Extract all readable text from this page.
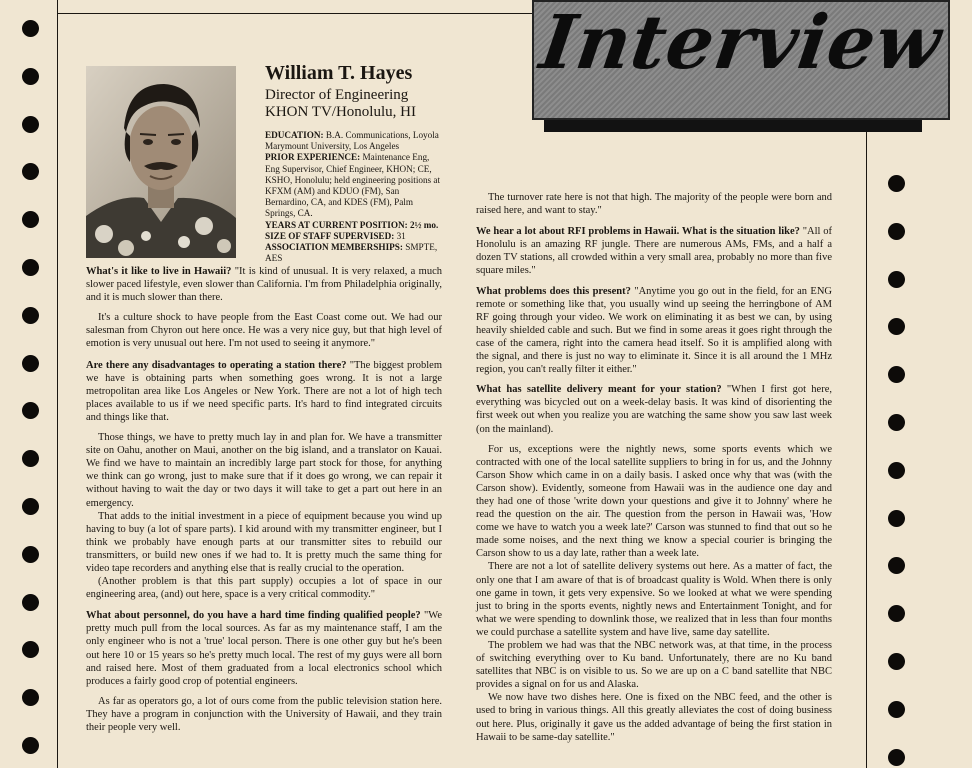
Interview
William T. Hayes
Director of Engineering
KHON TV/Honolulu, HI
EDUCATION: B.A. Communications, Loyola Marymount University, Los Angeles
PRIOR EXPERIENCE: Maintenance Eng, Eng Supervisor, Chief Engineer, KHON; CE, KSHO, Honolulu; held engineering positions at KFXM (AM) and KDUO (FM), San Bernardino, CA, and KDES (FM), Palm Springs, CA.
YEARS AT CURRENT POSITION: 2½ mo.
SIZE OF STAFF SUPERVISED: 31
ASSOCIATION MEMBERSHIPS: SMPTE, AES

What's it like to live in Hawaii? "It is kind of unusual. It is very relaxed, a much slower paced lifestyle, even slower than California. I'm from Philadelphia originally, and it is much slower than there.

It's a culture shock to have people from the East Coast come out. We had our salesman from Chyron out here once. He was a very nice guy, but that high level of emotion is very unusual out here. I'm not used to seeing it anymore."

Are there any disadvantages to operating a station there? "The biggest problem we have is obtaining parts when something goes wrong. It is not a large metropolitan area like Los Angeles or New York. There are not a lot of high tech places available to us if we need specific parts. It's hard to find integrated circuits and things like that.

Those things, we have to pretty much lay in and plan for. We have a transmitter site on Oahu, another on Maui, another on the big island, and a translator on Kauai. We find we have to maintain an incredibly large part stock for those, for anything we think can go wrong, just to make sure that if it does go wrong, we can repair it without having to wait the day or two days it will take to get a part out here in an emergency.

That adds to the initial investment in a piece of equipment because you wind up having to buy (a lot of spare parts). I kid around with my transmitter engineer, but I think we probably have enough parts at our transmitter sites to rebuild our transmitters, or build new ones if we had to. It is pretty much the same thing for video tape recorders and anything else that is really crucial to the operation.

(Another problem is that this part supply) occupies a lot of space in our engineering area, (and) out here, space is a very critical commodity."

What about personnel, do you have a hard time finding qualified people? "We pretty much pull from the local sources. As far as my maintenance staff, I am the only engineer who is not a 'true' local person. There is one other guy but he's been out here 10 or 15 years so he's pretty much local. The rest of my guys were all born and raised here. Most of them graduated from a local electronics school which produces a fairly good crop of potential engineers.

As far as operators go, a lot of ours come from the public television station here. They have a program in conjunction with the University of Hawaii, and they train their people very well.

The turnover rate here is not that high. The majority of the people were born and raised here, and want to stay."

We hear a lot about RFI problems in Hawaii. What is the situation like? "All of Honolulu is an amazing RF jungle. There are numerous AMs, FMs, and a half a dozen TV stations, all crowded within a very small area, probably no more than five square miles."

What problems does this present? "Anytime you go out in the field, for an ENG remote or something like that, you usually wind up seeing the herringbone of AM RF going through your video. We work on eliminating it as best we can, by using heavily shielded cable and such. But we find in some areas it goes right through the case of the camera, right into the camera head itself. So it is amplified along with the signal, and there is just no way to eliminate it. Since it is all around the 1 MHz region, you can't really filter it either."

What has satellite delivery meant for your station? "When I first got here, everything was bicycled out on a week-delay basis. It was kind of disorienting the first week out when you realize you are watching the same show you saw last week (on the mainland).

For us, exceptions were the nightly news, some sports events which we contracted with one of the local satellite suppliers to bring in for us, and the Johnny Carson Show which came in on a daily basis. I asked once why that was (with the Carson show). Evidently, someone from Hawaii was in the audience one day and they had one of those 'write down your questions and give it to Johnny' where he read the question on the air. The question from the person in Hawaii was, 'How come we have to watch you a week late?' Carson was stunned to find that out so he made some noises, and the next thing we know a special courier is bringing the Carson show to us a day late, rather than a week late.

There are not a lot of satellite delivery systems out here. As a matter of fact, the only one that I am aware of that is of broadcast quality is Wold. When there is only one game in town, it gets very expensive. So we looked at what we were spending just to bring in the sports events, nightly news and Entertainment Tonight, and for what we were spending to downlink those, we realized that in less than four months we could purchase a satellite system and have live, same day satellite.

The problem we had was that the NBC network was, at that time, in the process of switching everything over to Ku band. Unfortunately, there are no Ku band satellites that NBC is on visible to us. So we are up on a C band satellite that NBC provides a signal on for us and Alaska.

We now have two dishes here. One is fixed on the NBC feed, and the other is used to bring in various things. All this greatly alleviates the cost of doing business out here. Plus, originally it gave us the added advantage of being the first station in Hawaii to be same-day satellite."
